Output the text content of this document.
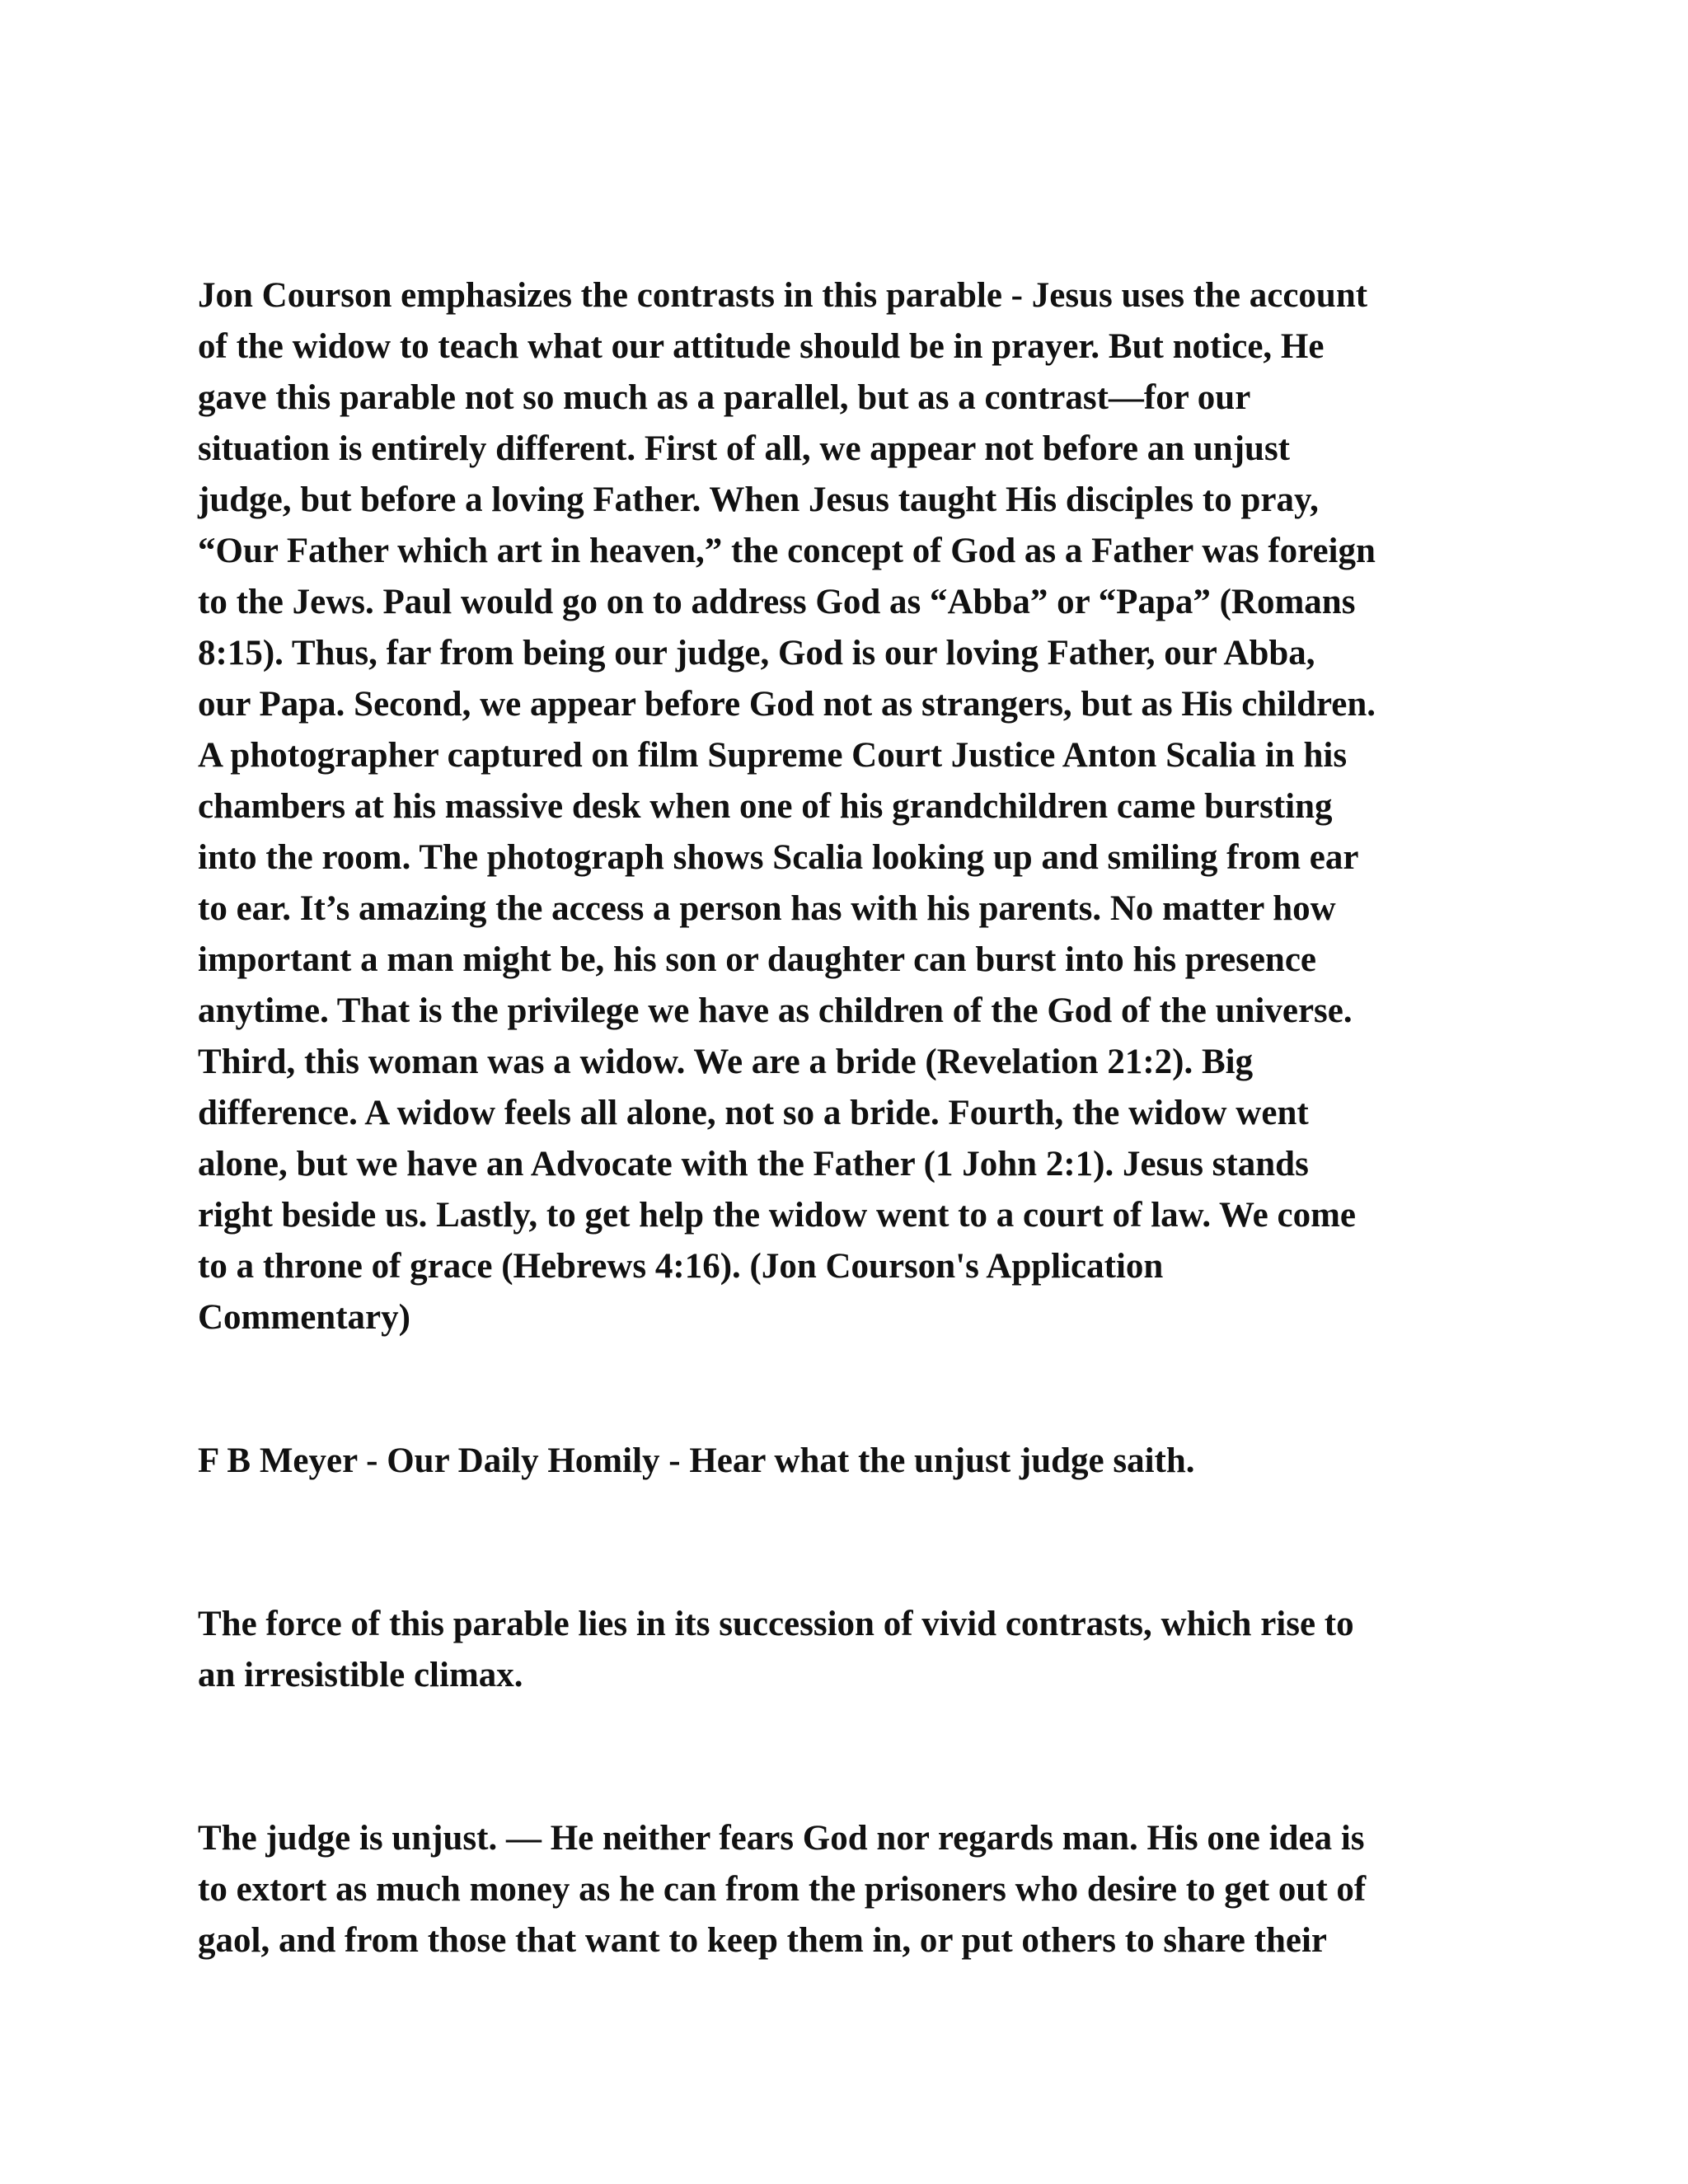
Jon Courson emphasizes the contrasts in this parable - Jesus uses the account
of the widow to teach what our attitude should be in prayer. But notice, He
gave this parable not so much as a parallel, but as a contrast—for our
situation is entirely different. First of all, we appear not before an unjust
judge, but before a loving Father. When Jesus taught His disciples to pray,
“Our Father which art in heaven,” the concept of God as a Father was foreign
to the Jews. Paul would go on to address God as “Abba” or “Papa” (Romans
8:15). Thus, far from being our judge, God is our loving Father, our Abba,
our Papa. Second, we appear before God not as strangers, but as His children.
A photographer captured on film Supreme Court Justice Anton Scalia in his
chambers at his massive desk when one of his grandchildren came bursting
into the room. The photograph shows Scalia looking up and smiling from ear
to ear. It’s amazing the access a person has with his parents. No matter how
important a man might be, his son or daughter can burst into his presence
anytime. That is the privilege we have as children of the God of the universe.
Third, this woman was a widow. We are a bride (Revelation 21:2). Big
difference. A widow feels all alone, not so a bride. Fourth, the widow went
alone, but we have an Advocate with the Father (1 John 2:1). Jesus stands
right beside us. Lastly, to get help the widow went to a court of law. We come
to a throne of grace (Hebrews 4:16). (Jon Courson's Application
Commentary)
F B Meyer - Our Daily Homily - Hear what the unjust judge saith.
The force of this parable lies in its succession of vivid contrasts, which rise to
an irresistible climax.
The judge is unjust. — He neither fears God nor regards man. His one idea is
to extort as much money as he can from the prisoners who desire to get out of
gaol, and from those that want to keep them in, or put others to share their
